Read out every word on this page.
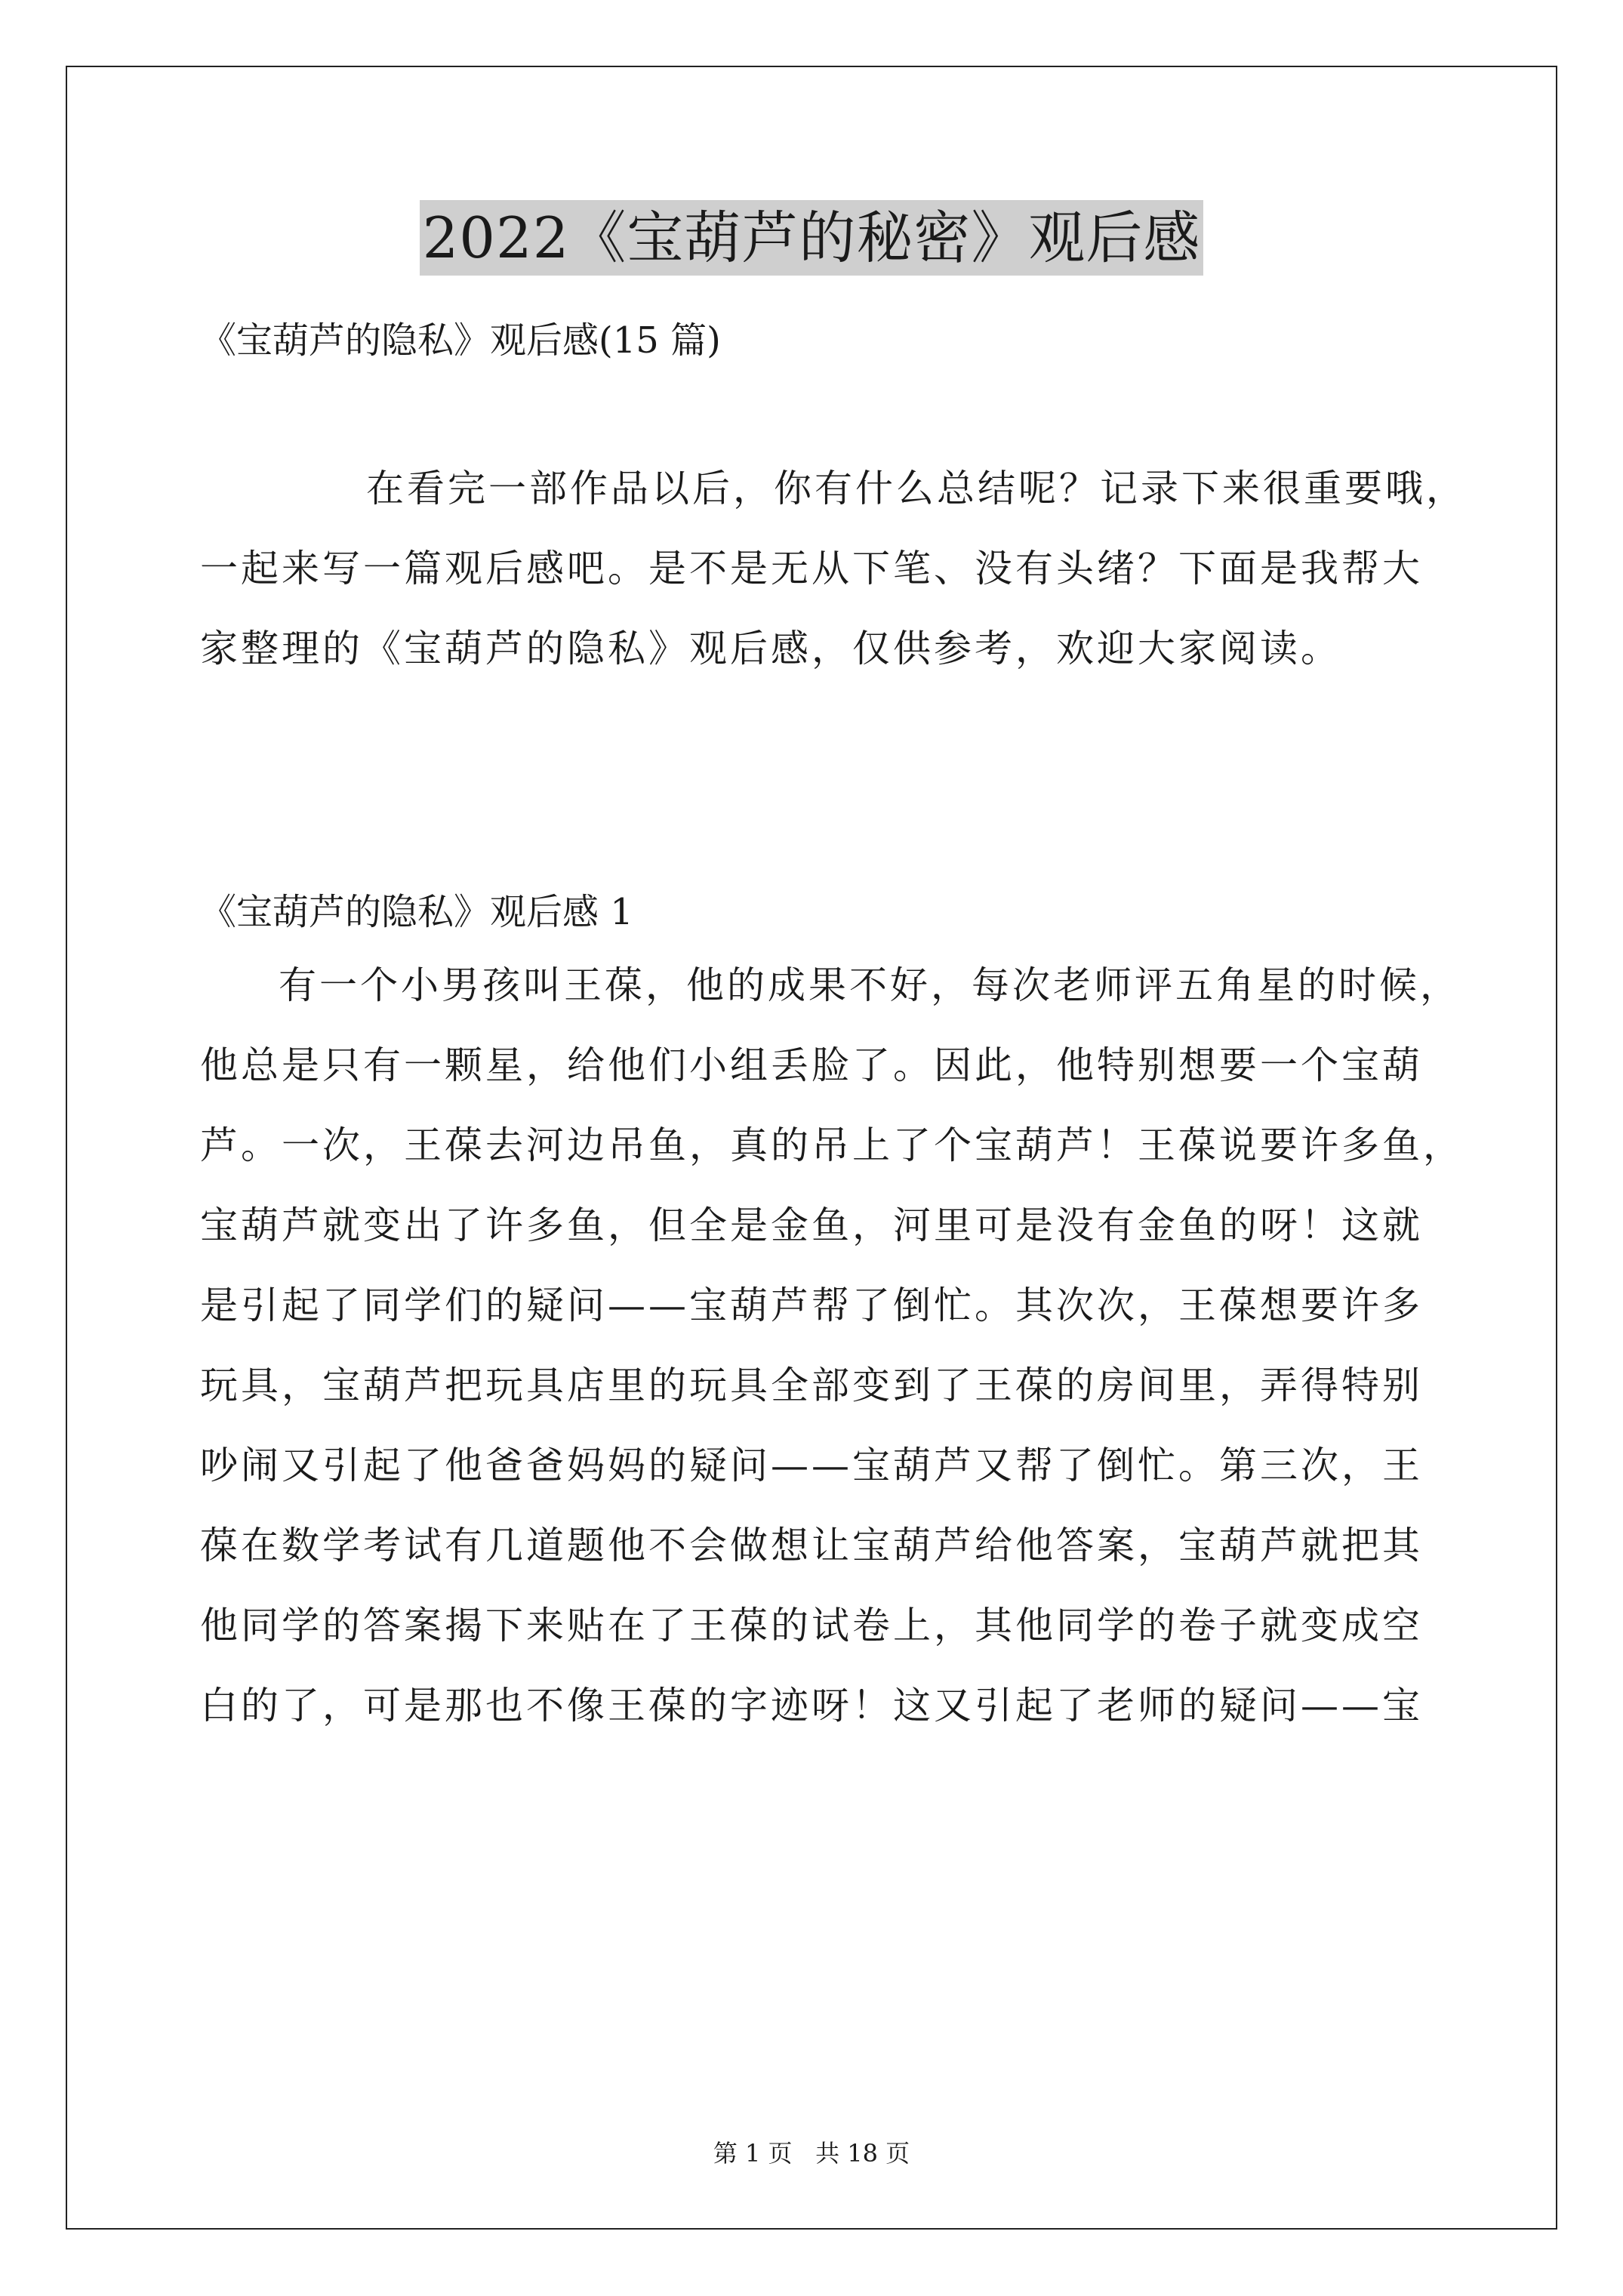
2022《宝葫芦的秘密》观后感
《宝葫芦的隐私》观后感(15 篇)
在看完一部作品以后，你有什么总结呢？记录下来很重要哦，
一起来写一篇观后感吧。是不是无从下笔、没有头绪？下面是我帮大
家整理的《宝葫芦的隐私》观后感，仅供参考，欢迎大家阅读。
《宝葫芦的隐私》观后感 1
有一个小男孩叫王葆，他的成果不好，每次老师评五角星的时候，
他总是只有一颗星，给他们小组丢脸了。因此，他特别想要一个宝葫
芦。一次，王葆去河边吊鱼，真的吊上了个宝葫芦！王葆说要许多鱼，
宝葫芦就变出了许多鱼，但全是金鱼，河里可是没有金鱼的呀！这就
是引起了同学们的疑问——宝葫芦帮了倒忙。其次次，王葆想要许多
玩具，宝葫芦把玩具店里的玩具全部变到了王葆的房间里，弄得特别
吵闹又引起了他爸爸妈妈的疑问——宝葫芦又帮了倒忙。第三次，王
葆在数学考试有几道题他不会做想让宝葫芦给他答案，宝葫芦就把其
他同学的答案揭下来贴在了王葆的试卷上，其他同学的卷子就变成空
白的了，可是那也不像王葆的字迹呀！这又引起了老师的疑问——宝
第 1 页   共 18 页
